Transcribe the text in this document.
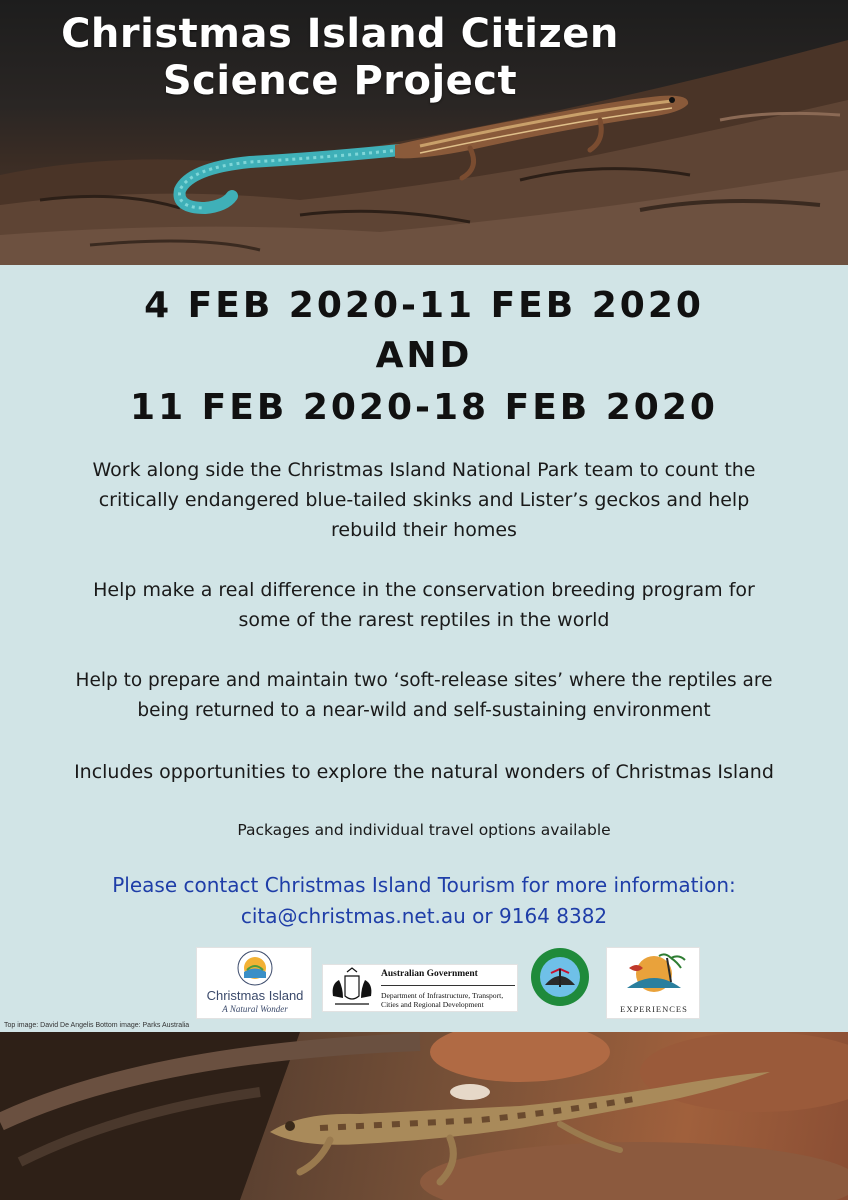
Christmas Island Citizen
Science Project
4 FEB 2020-11 FEB 2020
AND
11 FEB 2020-18 FEB 2020
Work along side the Christmas Island National Park team to count the
critically endangered blue-tailed skinks and Lister’s geckos and help
rebuild their homes
Help make a real difference in the conservation breeding program for
some of the rarest reptiles in the world
Help to prepare and maintain two ‘soft-release sites’ where the reptiles are
being returned to a near-wild and self-sustaining environment
Includes opportunities to explore the natural wonders of Christmas Island
Packages and individual travel options available
Please contact Christmas Island Tourism for more information:
cita@christmas.net.au or 9164 8382
Christmas Island
A Natural Wonder
Australian Government
Department of Infrastructure, Transport,
Cities and Regional Development	EXPERIENCES
Top image: David De Angelis Bottom image: Parks Australia
